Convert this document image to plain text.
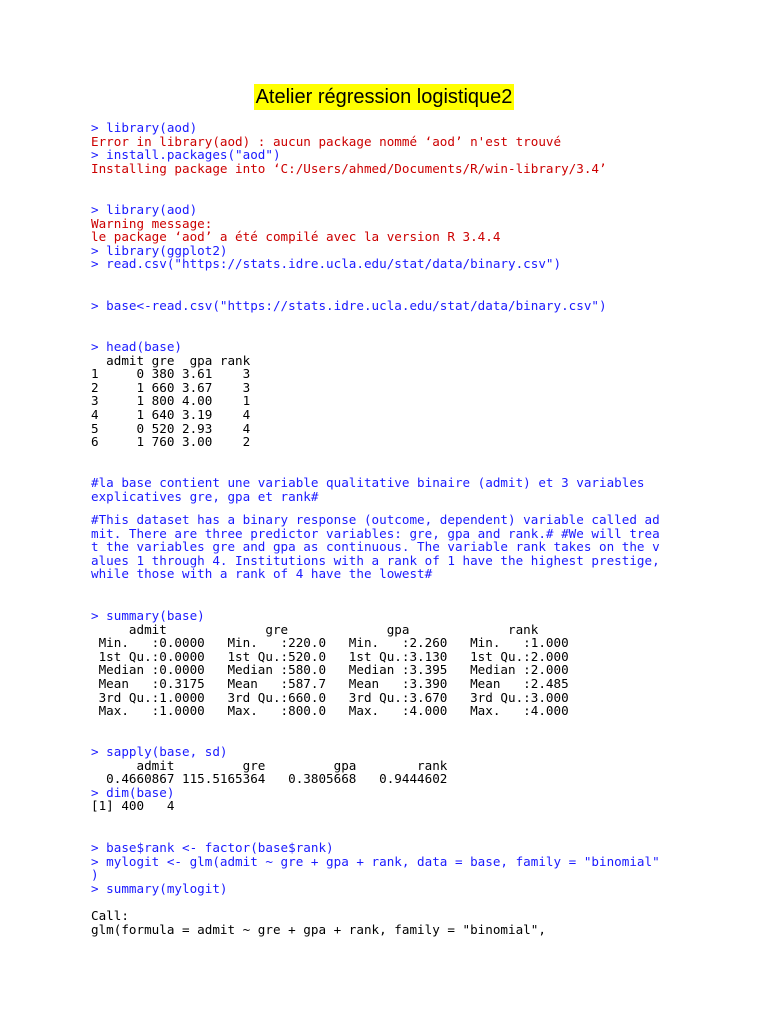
Atelier régression logistique2
> library(aod)
Error in library(aod) : aucun package nommé ‘aod’ n'est trouvé
> install.packages("aod")
Installing package into ‘C:/Users/ahmed/Documents/R/win-library/3.4’
> library(aod)
Warning message:
le package ‘aod’ a été compilé avec la version R 3.4.4
> library(ggplot2)
> read.csv("https://stats.idre.ucla.edu/stat/data/binary.csv")
> base<-read.csv("https://stats.idre.ucla.edu/stat/data/binary.csv")
> head(base)
admit gre  gpa rank
1     0 380 3.61    3
2     1 660 3.67    3
3     1 800 4.00    1
4     1 640 3.19    4
5     0 520 2.93    4
6     1 760 3.00    2
#la base contient une variable qualitative binaire (admit) et 3 variables
explicatives gre, gpa et rank#
#This dataset has a binary response (outcome, dependent) variable called ad
mit. There are three predictor variables: gre, gpa and rank.# #We will trea
t the variables gre and gpa as continuous. The variable rank takes on the v
alues 1 through 4. Institutions with a rank of 1 have the highest prestige,
while those with a rank of 4 have the lowest#
> summary(base)
admit             gre             gpa             rank
Min.   :0.0000   Min.   :220.0   Min.   :2.260   Min.   :1.000
1st Qu.:0.0000   1st Qu.:520.0   1st Qu.:3.130   1st Qu.:2.000
Median :0.0000   Median :580.0   Median :3.395   Median :2.000
Mean   :0.3175   Mean   :587.7   Mean   :3.390   Mean   :2.485
3rd Qu.:1.0000   3rd Qu.:660.0   3rd Qu.:3.670   3rd Qu.:3.000
Max.   :1.0000   Max.   :800.0   Max.   :4.000   Max.   :4.000
> sapply(base, sd)
admit         gre         gpa        rank
0.4660867 115.5165364   0.3805668   0.9444602
> dim(base)
[1] 400   4
> base$rank <- factor(base$rank)
> mylogit <- glm(admit ~ gre + gpa + rank, data = base, family = "binomial"
)
> summary(mylogit)
Call:
glm(formula = admit ~ gre + gpa + rank, family = "binomial",
